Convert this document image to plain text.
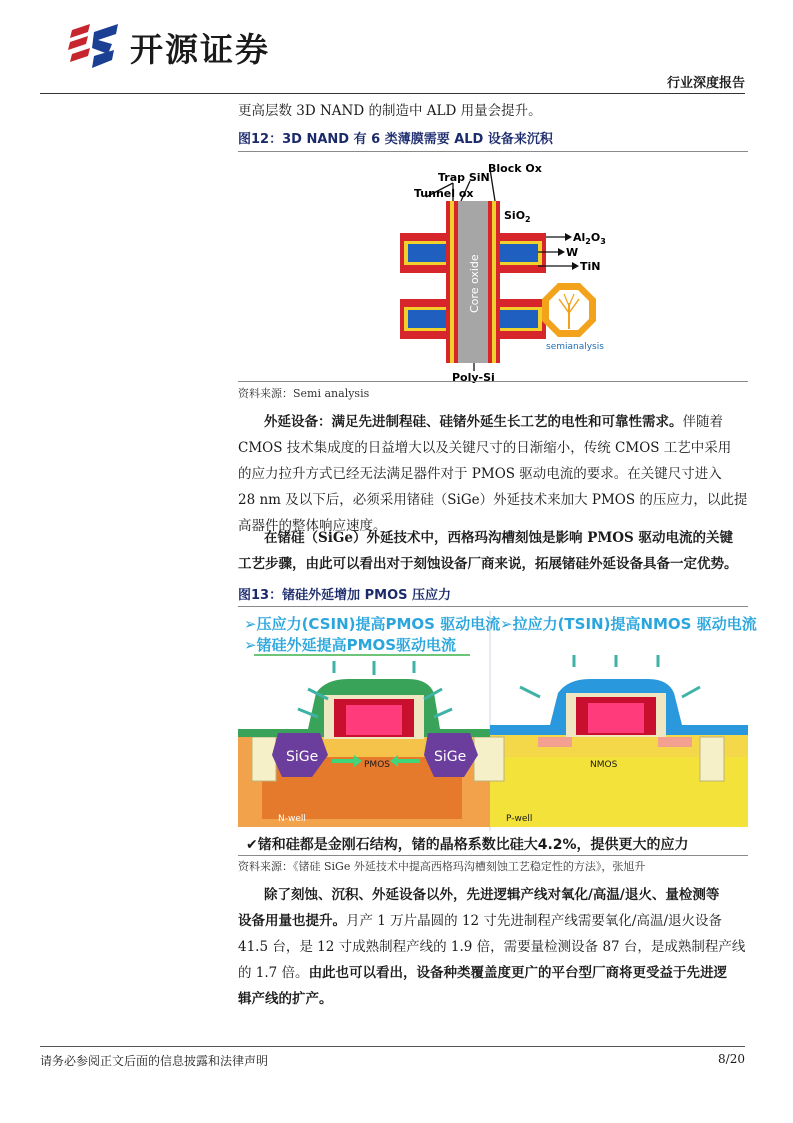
开源证券
行业深度报告
更高层数 3D NAND 的制造中 ALD 用量会提升。
图12：3D NAND 有 6 类薄膜需要 ALD 设备来沉积
Core oxide
Block Ox
Trap SiN
Tunnel ox
SiO$_2$
$Al_2O_3$
W
TiN
Poly-Si
semianalysis
资料来源：Semi analysis
外延设备：满足先进制程硅、硅锗外延生长工艺的电性和可靠性需求。伴随着
CMOS 技术集成度的日益增大以及关键尺寸的日渐缩小，传统 CMOS 工艺中采用
的应力拉升方式已经无法满足器件对于 PMOS 驱动电流的要求。在关键尺寸进入
28 nm 及以下后，必须采用锗硅（SiGe）外延技术来加大 PMOS 的压应力，以此提
高器件的整体响应速度。
在锗硅（SiGe）外延技术中，西格玛沟槽刻蚀是影响 PMOS 驱动电流的关键
工艺步骤，由此可以看出对于刻蚀设备厂商来说，拓展锗硅外延设备具备一定优势。
图13：锗硅外延增加 PMOS 压应力
➢压应力(CSIN)提高PMOS 驱动电流
➢锗硅外延提高PMOS驱动电流
➢拉应力(TSIN)提高NMOS 驱动电流
SiGe	SiGe
PMOS
N-well
NMOS
P-well
✔锗和硅都是金刚石结构，锗的晶格系数比硅大4.2%，提供更大的应力
资料来源：《锗硅 SiGe 外延技术中提高西格玛沟槽刻蚀工艺稳定性的方法》，张旭升
除了刻蚀、沉积、外延设备以外，先进逻辑产线对氧化/高温/退火、量检测等
设备用量也提升。月产 1 万片晶圆的 12 寸先进制程产线需要氧化/高温/退火设备
41.5 台，是 12 寸成熟制程产线的 1.9 倍，需要量检测设备 87 台，是成熟制程产线
的 1.7 倍。由此也可以看出，设备种类覆盖度更广的平台型厂商将更受益于先进逻
辑产线的扩产。
请务必参阅正文后面的信息披露和法律声明	8/20
